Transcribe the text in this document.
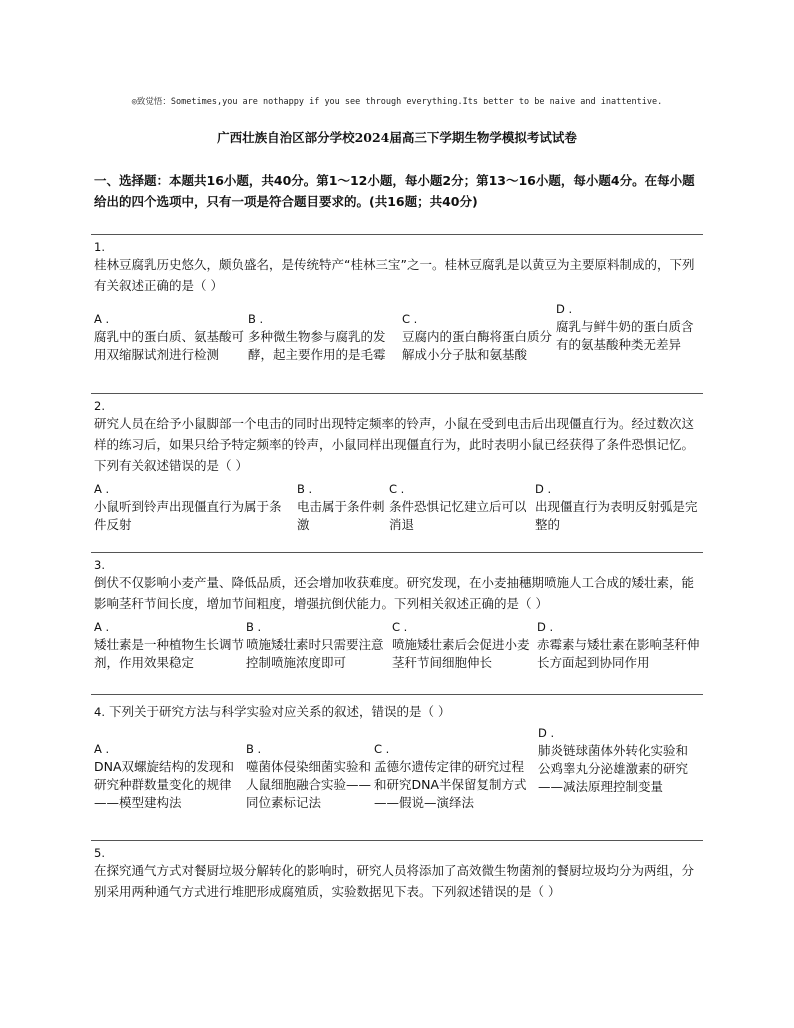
◎致觉悟：Sometimes,you are nothappy if you see through everything.Its better to be naive and inattentive.
广西壮族自治区部分学校2024届高三下学期生物学模拟考试试卷
一、选择题：本题共16小题，共40分。第1～12小题，每小题2分；第13～16小题，每小题4分。在每小题给出的四个选项中，只有一项是符合题目要求的。(共16题；共40分)
1.
桂林豆腐乳历史悠久，颇负盛名，是传统特产“桂林三宝”之一。桂林豆腐乳是以黄豆为主要原料制成的，下列有关叙述正确的是（ ）
A .
腐乳中的蛋白质、氨基酸可用双缩脲试剂进行检测
B .
多种微生物参与腐乳的发酵，起主要作用的是毛霉
C .
豆腐内的蛋白酶将蛋白质分解成小分子肽和氨基酸
D .
腐乳与鲜牛奶的蛋白质含有的氨基酸种类无差异
2.
研究人员在给予小鼠脚部一个电击的同时出现特定频率的铃声，小鼠在受到电击后出现僵直行为。经过数次这样的练习后，如果只给予特定频率的铃声，小鼠同样出现僵直行为，此时表明小鼠已经获得了条件恐惧记忆。下列有关叙述错误的是（ ）
A .
小鼠听到铃声出现僵直行为属于条件反射
B .
电击属于条件刺激
C .
条件恐惧记忆建立后可以消退
D .
出现僵直行为表明反射弧是完整的
3.
倒伏不仅影响小麦产量、降低品质，还会增加收获难度。研究发现，在小麦抽穗期喷施人工合成的矮壮素，能影响茎秆节间长度，增加节间粗度，增强抗倒伏能力。下列相关叙述正确的是（ ）
A .
矮壮素是一种植物生长调节剂，作用效果稳定
B .
喷施矮壮素时只需要注意控制喷施浓度即可
C .
喷施矮壮素后会促进小麦茎秆节间细胞伸长
D .
赤霉素与矮壮素在影响茎秆伸长方面起到协同作用
4. 下列关于研究方法与科学实验对应关系的叙述，错误的是（ ）
A .
DNA双螺旋结构的发现和研究种群数量变化的规律——模型建构法
B .
噬菌体侵染细菌实验和人鼠细胞融合实验——同位素标记法
C .
孟德尔遗传定律的研究过程和研究DNA半保留复制方式——假说—演绎法
D .
肺炎链球菌体外转化实验和公鸡睾丸分泌雄激素的研究——减法原理控制变量
5.
在探究通气方式对餐厨垃圾分解转化的影响时，研究人员将添加了高效微生物菌剂的餐厨垃圾均分为两组，分别采用两种通气方式进行堆肥形成腐殖质，实验数据见下表。下列叙述错误的是（ ）
